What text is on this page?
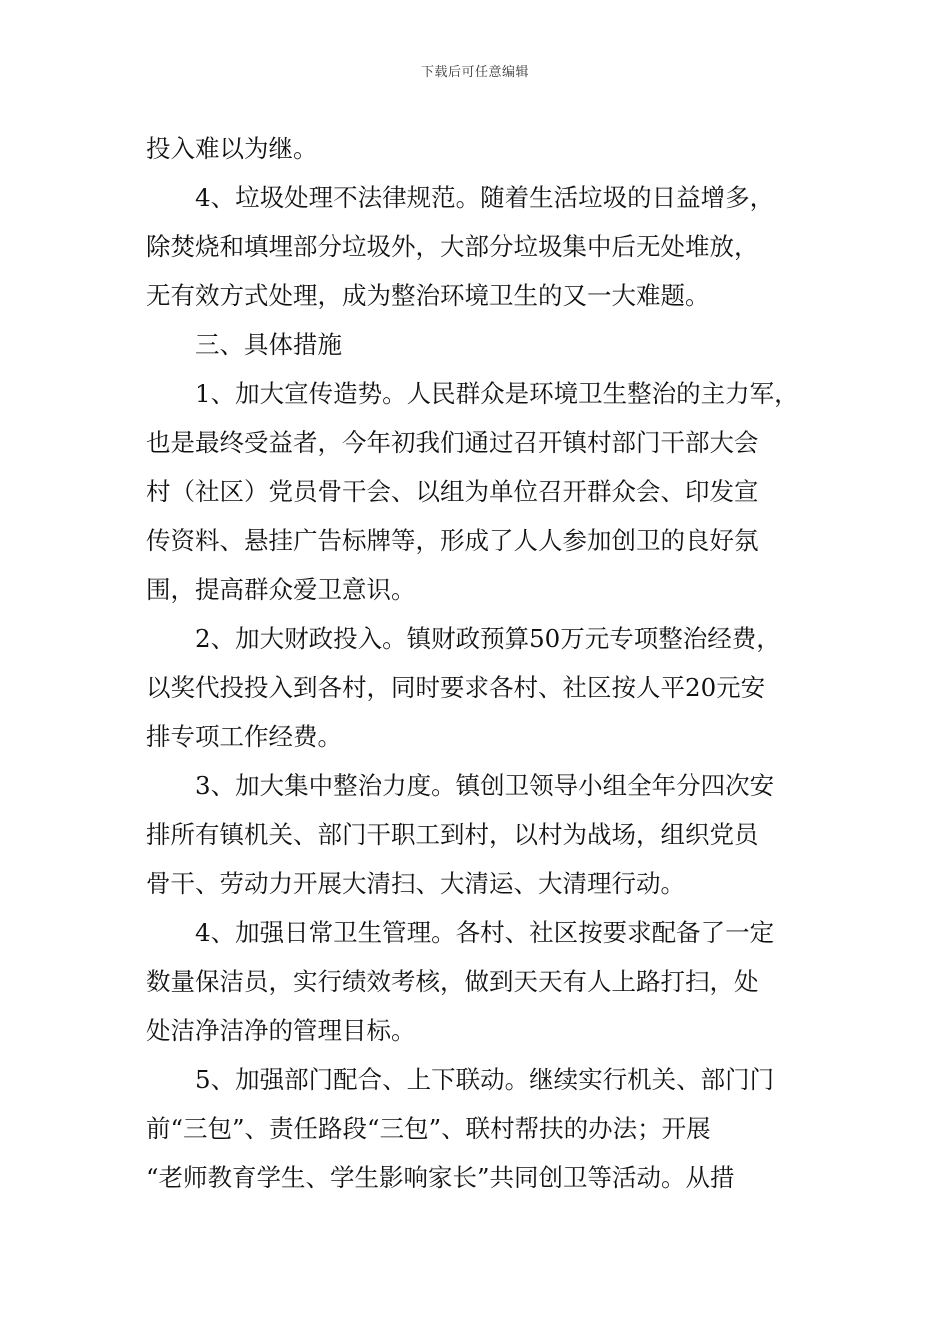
下载后可任意编辑
投入难以为继。
4、垃圾处理不法律规范。随着生活垃圾的日益增多，
除焚烧和填埋部分垃圾外，大部分垃圾集中后无处堆放，
无有效方式处理，成为整治环境卫生的又一大难题。
三、具体措施
1、加大宣传造势。人民群众是环境卫生整治的主力军，
也是最终受益者，今年初我们通过召开镇村部门干部大会
村（社区）党员骨干会、以组为单位召开群众会、印发宣
传资料、悬挂广告标牌等，形成了人人参加创卫的良好氛
围，提高群众爱卫意识。
2、加大财政投入。镇财政预算50万元专项整治经费，
以奖代投投入到各村，同时要求各村、社区按人平20元安
排专项工作经费。
3、加大集中整治力度。镇创卫领导小组全年分四次安
排所有镇机关、部门干职工到村，以村为战场，组织党员
骨干、劳动力开展大清扫、大清运、大清理行动。
4、加强日常卫生管理。各村、社区按要求配备了一定
数量保洁员，实行绩效考核，做到天天有人上路打扫，处
处洁净洁净的管理目标。
5、加强部门配合、上下联动。继续实行机关、部门门
前“三包”、责任路段“三包”、联村帮扶的办法；开展
“老师教育学生、学生影响家长”共同创卫等活动。从措
